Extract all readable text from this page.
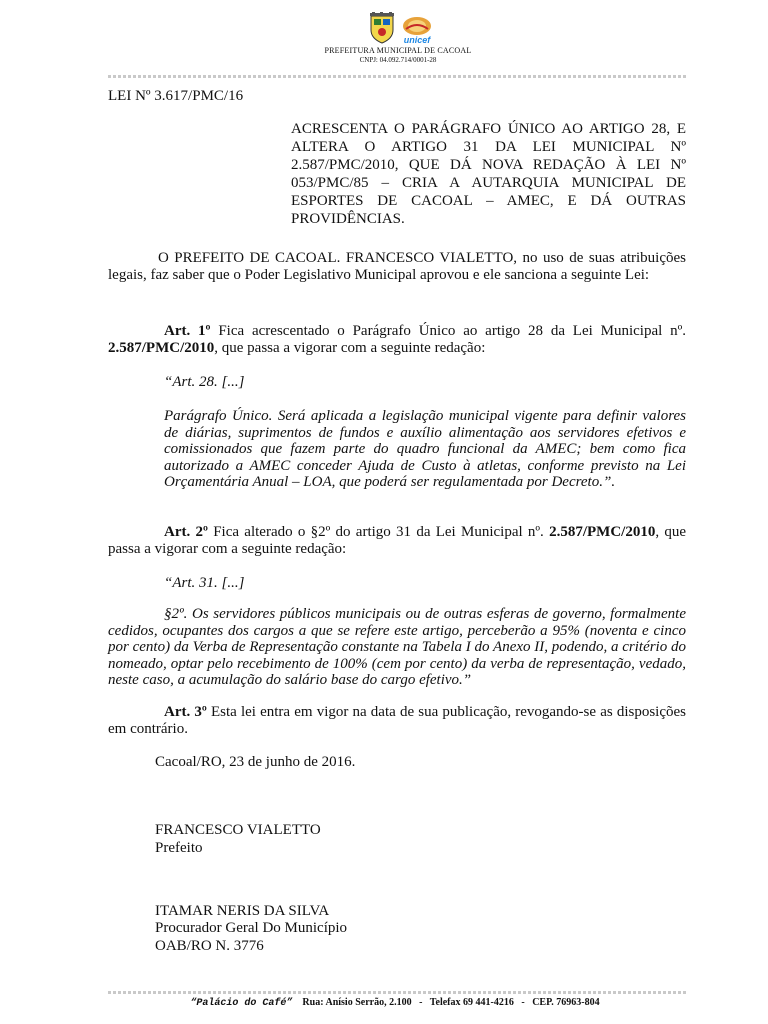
unicef
PREFEITURA MUNICIPAL DE CACOAL
CNPJ: 04.092.714/0001-28

LEI Nº 3.617/PMC/16

ACRESCENTA O PARÁGRAFO ÚNICO AO ARTIGO 28, E ALTERA O ARTIGO 31 DA LEI MUNICIPAL Nº 2.587/PMC/2010, QUE DÁ NOVA REDAÇÃO À LEI Nº 053/PMC/85 – CRIA A AUTARQUIA MUNICIPAL DE ESPORTES DE CACOAL – AMEC, E DÁ OUTRAS PROVIDÊNCIAS.

O PREFEITO DE CACOAL. FRANCESCO VIALETTO, no uso de suas atribuições legais, faz saber que o Poder Legislativo Municipal aprovou e ele sanciona a seguinte Lei:

Art. 1º Fica acrescentado o Parágrafo Único ao artigo 28 da Lei Municipal nº. 2.587/PMC/2010, que passa a vigorar com a seguinte redação:

“Art. 28. [...]

Parágrafo Único. Será aplicada a legislação municipal vigente para definir valores de diárias, suprimentos de fundos e auxílio alimentação aos servidores efetivos e comissionados que fazem parte do quadro funcional da AMEC; bem como fica autorizado a AMEC conceder Ajuda de Custo à atletas, conforme previsto na Lei Orçamentária Anual – LOA, que poderá ser regulamentada por Decreto.”.

Art. 2º Fica alterado o §2º do artigo 31 da Lei Municipal nº. 2.587/PMC/2010, que passa a vigorar com a seguinte redação:

“Art. 31. [...]

§2º. Os servidores públicos municipais ou de outras esferas de governo, formalmente cedidos, ocupantes dos cargos a que se refere este artigo, perceberão a 95% (noventa e cinco por cento) da Verba de Representação constante na Tabela I do Anexo II, podendo, a critério do nomeado, optar pelo recebimento de 100% (cem por cento) da verba de representação, vedado, neste caso, a acumulação do salário base do cargo efetivo.”

Art. 3º Esta lei entra em vigor na data de sua publicação, revogando-se as disposições em contrário.

Cacoal/RO, 23 de junho de 2016.

FRANCESCO VIALETTO

Prefeito

ITAMAR NERIS DA SILVA

Procurador Geral Do Município

OAB/RO N. 3776

“Palácio do Café” Rua: Anísio Serrão, 2.100 - Telefax 69 441-4216 - CEP. 76963-804
